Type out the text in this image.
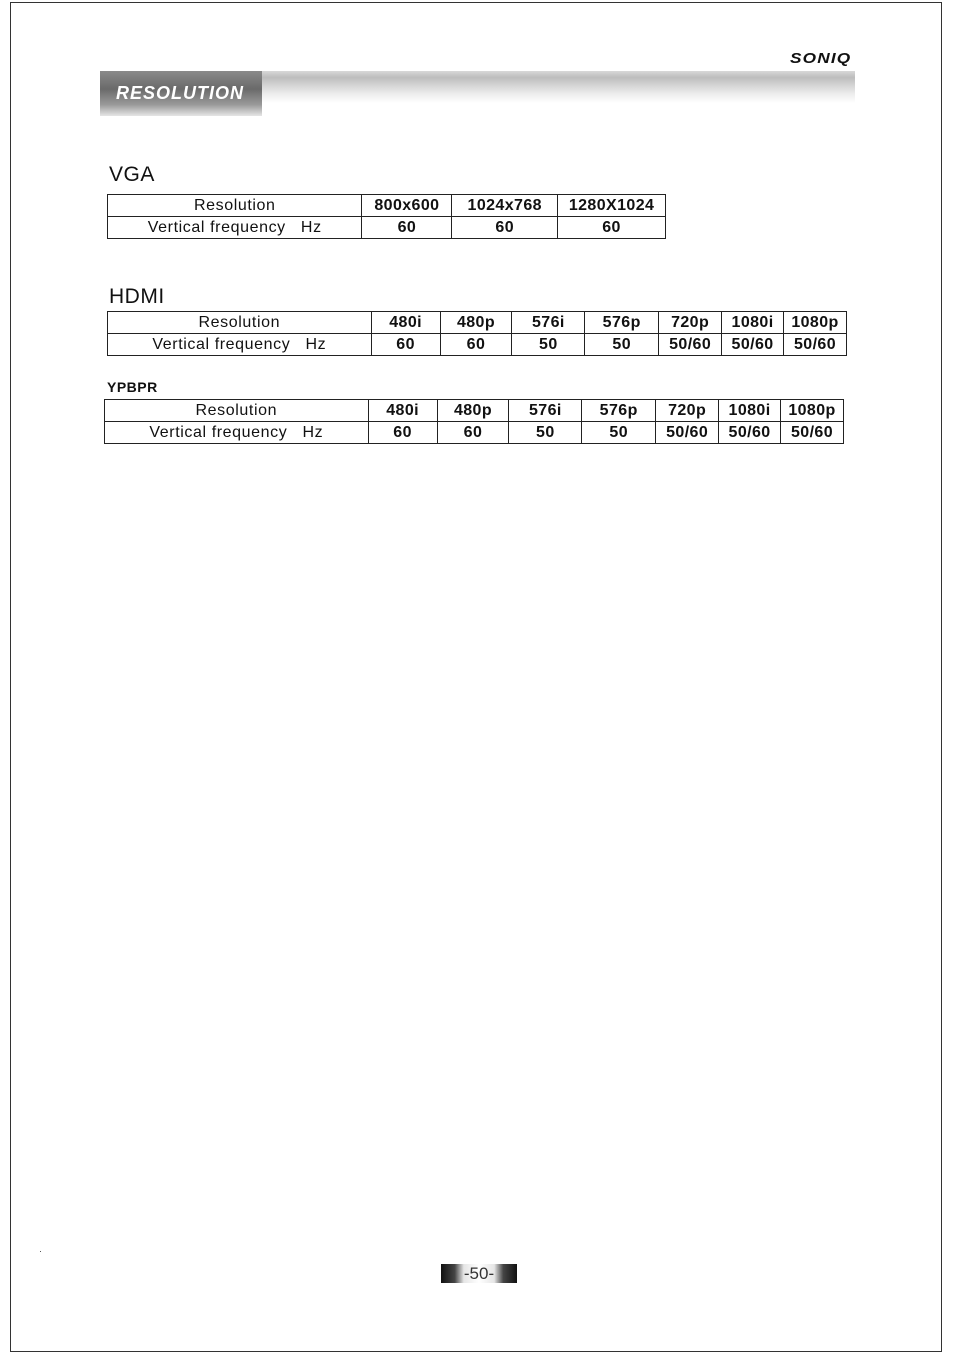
SONIQ
RESOLUTION
VGA
Resolution	800x600	1024x768	1280X1024
Vertical frequency   Hz	60	60	60
HDMI
Resolution	480i	480p	576i	576p	720p	1080i	1080p
Vertical frequency   Hz	60	60	50	50	50/60	50/60	50/60
YPBPR
Resolution	480i	480p	576i	576p	720p	1080i	1080p
Vertical frequency   Hz	60	60	50	50	50/60	50/60	50/60
-50-
